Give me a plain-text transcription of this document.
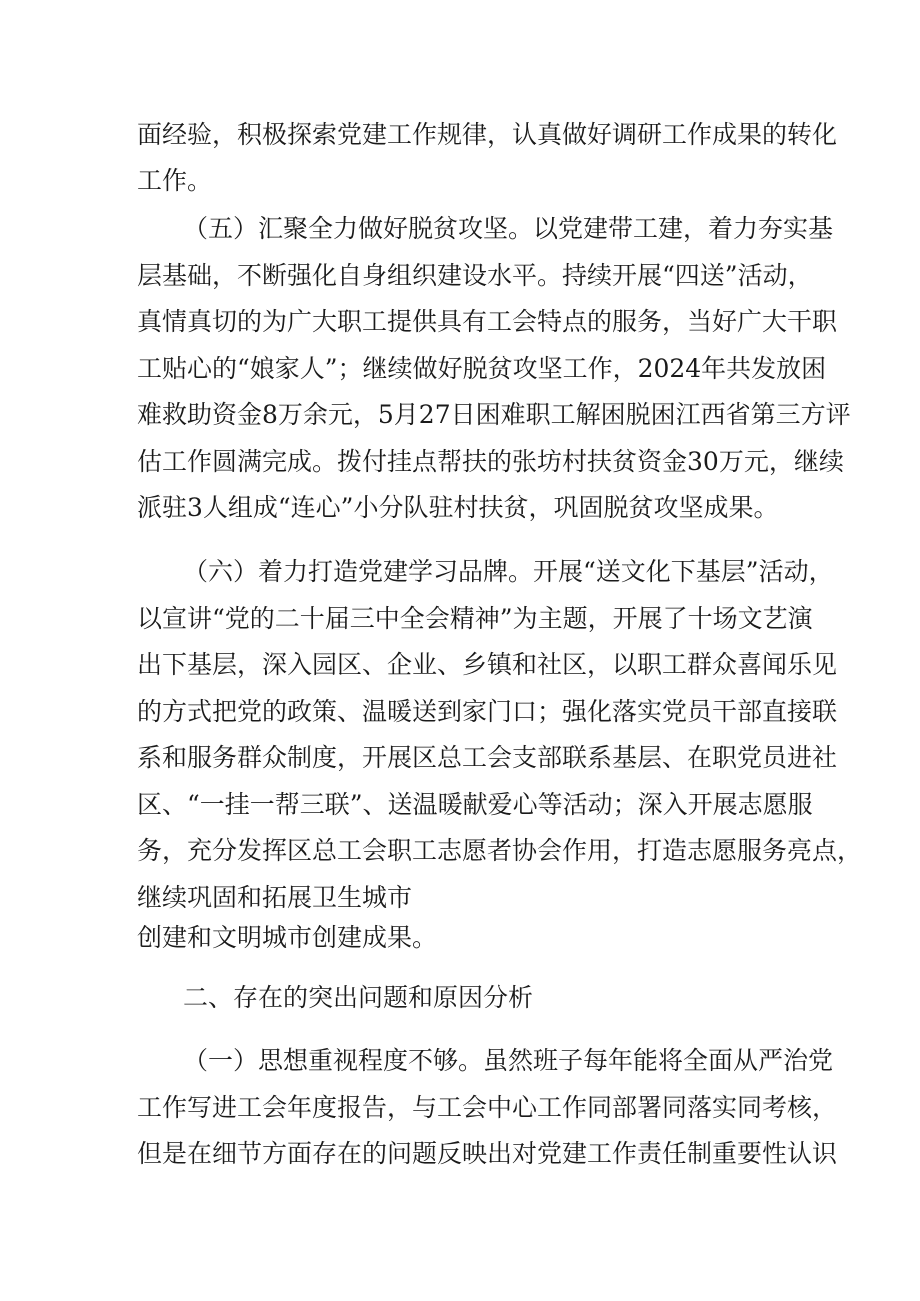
面经验，积极探索党建工作规律，认真做好调研工作成果的转化
工作。
（五）汇聚全力做好脱贫攻坚。以党建带工建，着力夯实基
层基础，不断强化自身组织建设水平。持续开展“四送”活动，
真情真切的为广大职工提供具有工会特点的服务，当好广大干职
工贴心的“娘家人”；继续做好脱贫攻坚工作，2024年共发放困
难救助资金8万余元，5月27日困难职工解困脱困江西省第三方评
估工作圆满完成。拨付挂点帮扶的张坊村扶贫资金30万元，继续
派驻3人组成“连心”小分队驻村扶贫，巩固脱贫攻坚成果。
（六）着力打造党建学习品牌。开展“送文化下基层”活动，
以宣讲“党的二十届三中全会精神”为主题，开展了十场文艺演
出下基层，深入园区、企业、乡镇和社区，以职工群众喜闻乐见
的方式把党的政策、温暖送到家门口；强化落实党员干部直接联
系和服务群众制度，开展区总工会支部联系基层、在职党员进社
区、“一挂一帮三联”、送温暖献爱心等活动；深入开展志愿服
务，充分发挥区总工会职工志愿者协会作用，打造志愿服务亮点，
继续巩固和拓展卫生城市
创建和文明城市创建成果。
二、存在的突出问题和原因分析
（一）思想重视程度不够。虽然班子每年能将全面从严治党
工作写进工会年度报告，与工会中心工作同部署同落实同考核，
但是在细节方面存在的问题反映出对党建工作责任制重要性认识
